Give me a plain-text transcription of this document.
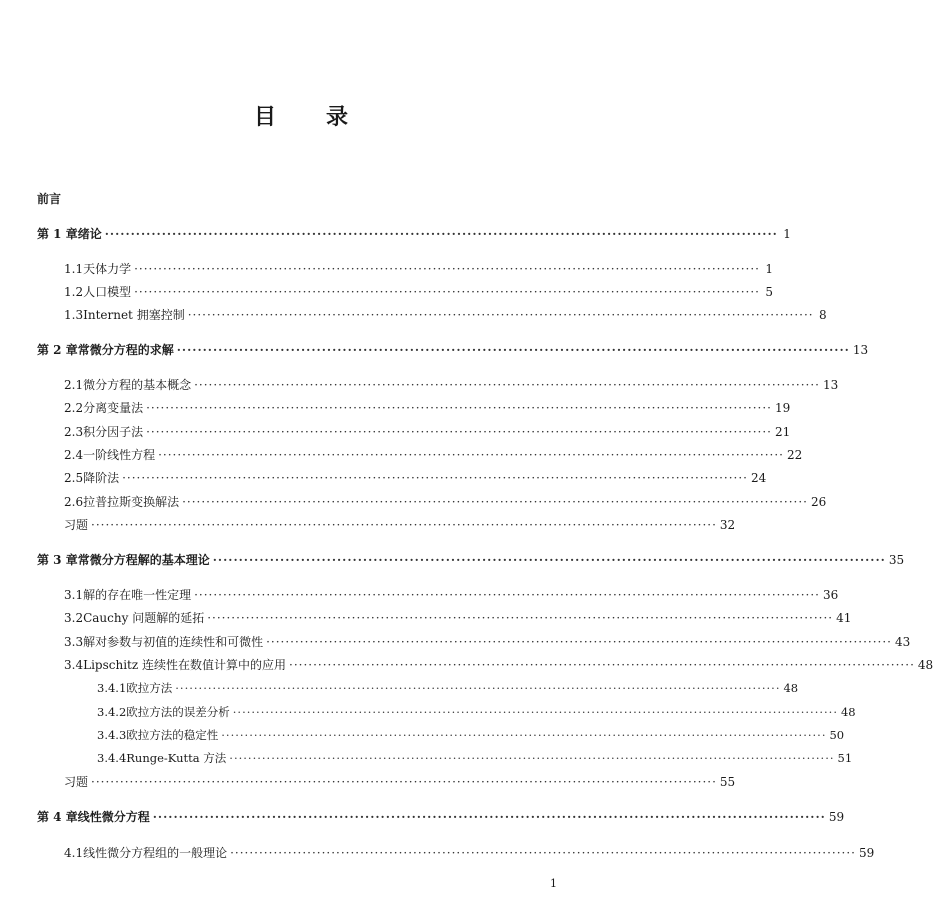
目 录
前言
第 1 章 绪论 ·································································································································· 1
1.1 天体力学 ·································································································································· 1
1.2 人口模型 ·································································································································· 5
1.3 Internet 拥塞控制 ·································································································································· 8
第 2 章 常微分方程的求解 ·································································································································· 13
2.1 微分方程的基本概念 ·································································································································· 13
2.2 分离变量法 ·································································································································· 19
2.3 积分因子法 ·································································································································· 21
2.4 一阶线性方程 ·································································································································· 22
2.5 降阶法 ·································································································································· 24
2.6 拉普拉斯变换解法 ·································································································································· 26
习题 ·································································································································· 32
第 3 章 常微分方程解的基本理论 ·································································································································· 35
3.1 解的存在唯一性定理 ·································································································································· 36
3.2 Cauchy 问题解的延拓 ·································································································································· 41
3.3 解对参数与初值的连续性和可微性 ·································································································································· 43
3.4 Lipschitz 连续性在数值计算中的应用 ·································································································································· 48
3.4.1 欧拉方法 ·································································································································· 48
3.4.2 欧拉方法的误差分析 ·································································································································· 48
3.4.3 欧拉方法的稳定性 ·································································································································· 50
3.4.4 Runge-Kutta 方法 ·································································································································· 51
习题 ·································································································································· 55
第 4 章 线性微分方程 ·································································································································· 59
4.1 线性微分方程组的一般理论 ·································································································································· 59
1
